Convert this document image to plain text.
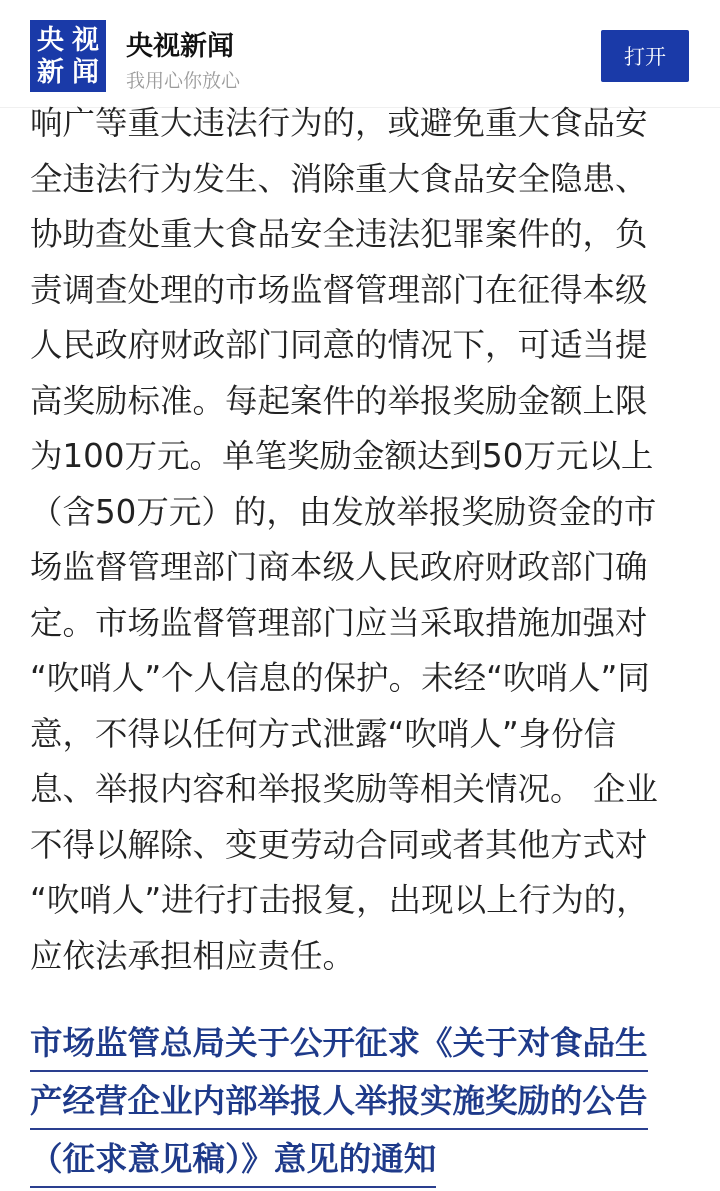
央 视
新 闻
央视新闻
我用心你放心
打开
响广等重大违法行为的，或避免重大食品安
全违法行为发生、消除重大食品安全隐患、
协助查处重大食品安全违法犯罪案件的，负
责调查处理的市场监督管理部门在征得本级
人民政府财政部门同意的情况下，可适当提
高奖励标准。每起案件的举报奖励金额上限
为100万元。单笔奖励金额达到50万元以上
（含50万元）的，由发放举报奖励资金的市
场监督管理部门商本级人民政府财政部门确
定。市场监督管理部门应当采取措施加强对
“吹哨人”个人信息的保护。未经“吹哨人”同
意，不得以任何方式泄露“吹哨人”身份信
息、举报内容和举报奖励等相关情况。 企业
不得以解除、变更劳动合同或者其他方式对
“吹哨人”进行打击报复，出现以上行为的，
应依法承担相应责任。
市场监管总局关于公开征求《关于对食品生
产经营企业内部举报人举报实施奖励的公告
（征求意见稿）》意见的通知
